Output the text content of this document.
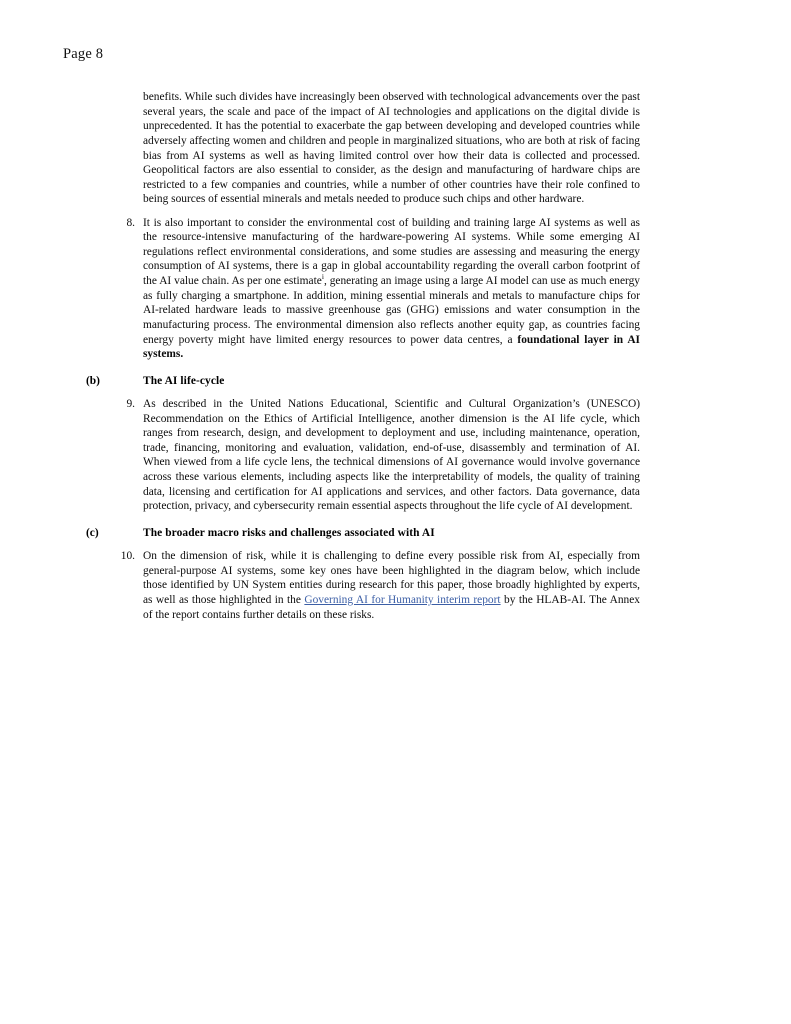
Page 8

benefits. While such divides have increasingly been observed with technological advancements over the past several years, the scale and pace of the impact of AI technologies and applications on the digital divide is unprecedented. It has the potential to exacerbate the gap between developing and developed countries while adversely affecting women and children and people in marginalized situations, who are both at risk of facing bias from AI systems as well as having limited control over how their data is collected and processed. Geopolitical factors are also essential to consider, as the design and manufacturing of hardware chips are restricted to a few companies and countries, while a number of other countries have their role confined to being sources of essential minerals and metals needed to produce such chips and other hardware.

8. It is also important to consider the environmental cost of building and training large AI systems as well as the resource-intensive manufacturing of the hardware-powering AI systems. While some emerging AI regulations reflect environmental considerations, and some studies are assessing and measuring the energy consumption of AI systems, there is a gap in global accountability regarding the overall carbon footprint of the AI value chain. As per one estimate$^i$, generating an image using a large AI model can use as much energy as fully charging a smartphone. In addition, mining essential minerals and metals to manufacture chips for AI-related hardware leads to massive greenhouse gas (GHG) emissions and water consumption in the manufacturing process. The environmental dimension also reflects another equity gap, as countries facing energy poverty might have limited energy resources to power data centres, a foundational layer in AI systems.

(b)	The AI life-cycle

9. As described in the United Nations Educational, Scientific and Cultural Organization’s (UNESCO) Recommendation on the Ethics of Artificial Intelligence, another dimension is the AI life cycle, which ranges from research, design, and development to deployment and use, including maintenance, operation, trade, financing, monitoring and evaluation, validation, end-of-use, disassembly and termination of AI. When viewed from a life cycle lens, the technical dimensions of AI governance would involve governance across these various elements, including aspects like the interpretability of models, the quality of training data, licensing and certification for AI applications and services, and other factors. Data governance, data protection, privacy, and cybersecurity remain essential aspects throughout the life cycle of AI development.

(c)	The broader macro risks and challenges associated with AI

10. On the dimension of risk, while it is challenging to define every possible risk from AI, especially from general-purpose AI systems, some key ones have been highlighted in the diagram below, which include those identified by UN System entities during research for this paper, those broadly highlighted by experts, as well as those highlighted in the Governing AI for Humanity interim report by the HLAB-AI. The Annex of the report contains further details on these risks.
